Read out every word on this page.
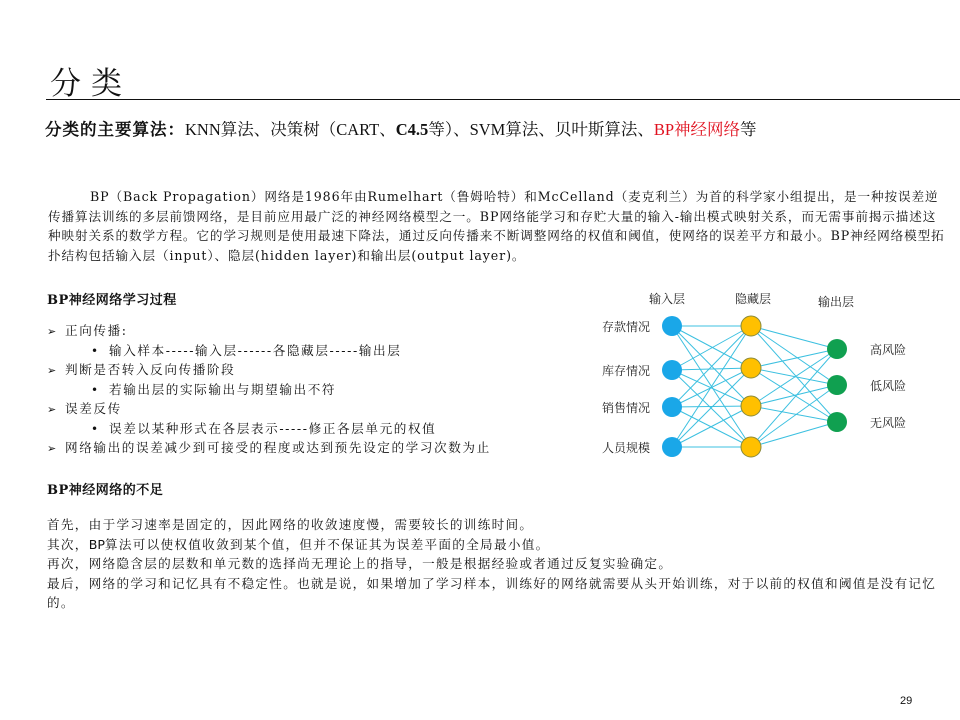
分类
分类的主要算法：KNN算法、决策树（CART、C4.5等）、SVM算法、贝叶斯算法、BP神经网络等

BP（Back Propagation）网络是1986年由Rumelhart（鲁姆哈特）和McCelland（麦克利兰）为首的科学家小组提出，是一种按误差逆传播算法训练的多层前馈网络，是目前应用最广泛的神经网络模型之一。BP网络能学习和存贮大量的输入-输出模式映射关系，而无需事前揭示描述这种映射关系的数学方程。它的学习规则是使用最速下降法，通过反向传播来不断调整网络的权值和阈值，使网络的误差平方和最小。BP神经网络模型拓扑结构包括输入层（input）、隐层(hidden layer)和输出层(output layer)。

BP神经网络学习过程
➢ 正向传播:
• 输入样本-----输入层------各隐藏层-----输出层
➢ 判断是否转入反向传播阶段
• 若输出层的实际输出与期望输出不符
➢ 误差反传
• 误差以某种形式在各层表示-----修正各层单元的权值
➢ 网络输出的误差减少到可接受的程度或达到预先设定的学习次数为止
BP神经网络的不足

首先，由于学习速率是固定的，因此网络的收敛速度慢，需要较长的训练时间。

其次，BP算法可以使权值收敛到某个值，但并不保证其为误差平面的全局最小值。

再次，网络隐含层的层数和单元数的选择尚无理论上的指导，一般是根据经验或者通过反复实验确定。

最后，网络的学习和记忆具有不稳定性。也就是说，如果增加了学习样本，训练好的网络就需要从头开始训练，对于以前的权值和阈值是没有记忆的。

输入层	隐藏层	输出层
存款情况
库存情况
销售情况
人员规模
高风险
低风险
无风险
29
